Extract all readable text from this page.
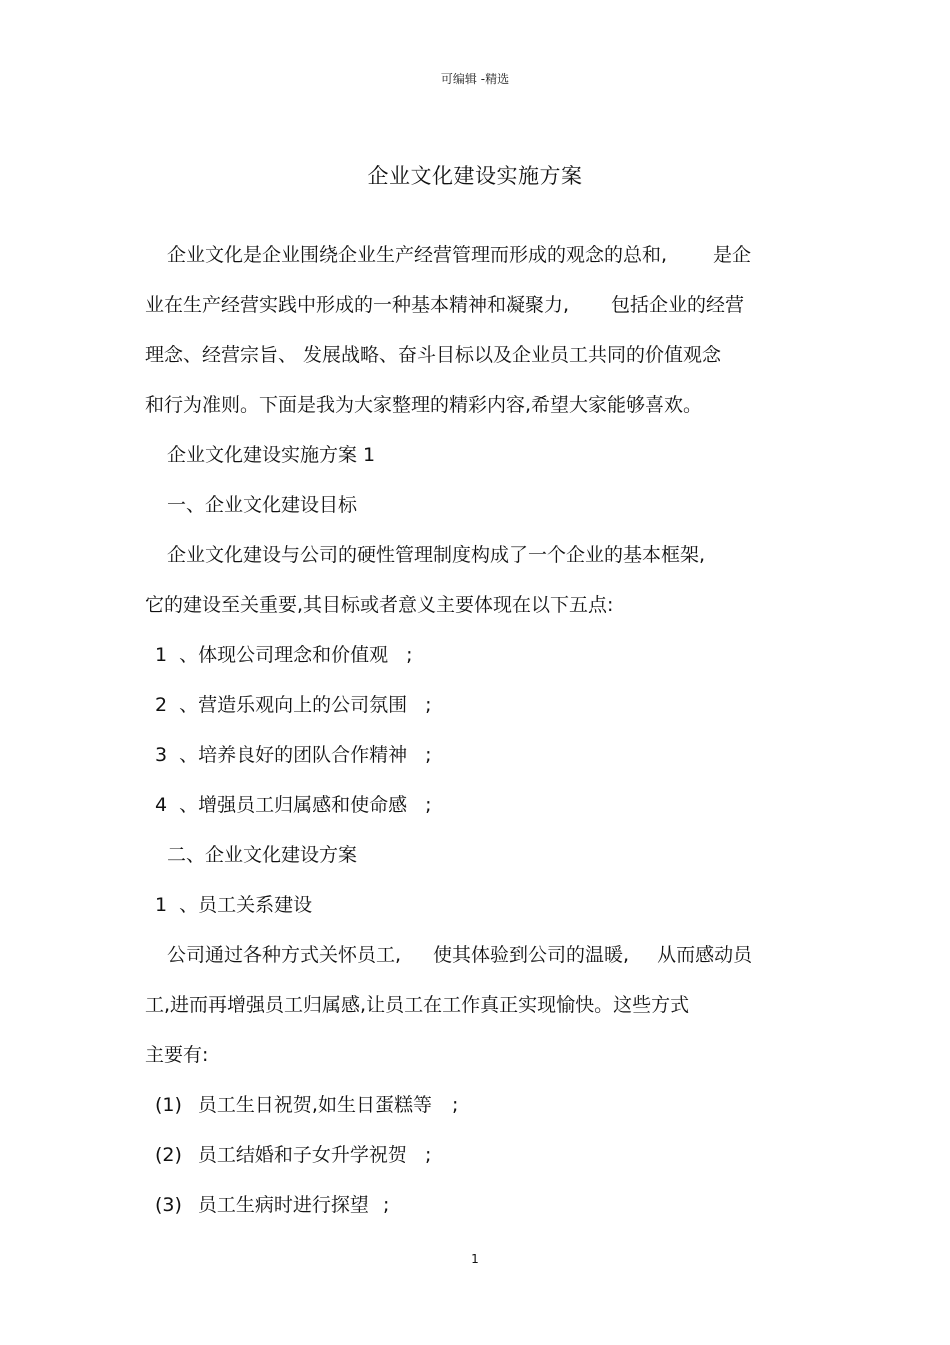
可编辑 -精选
企业文化建设实施方案
企业文化是企业围绕企业生产经营管理而形成的观念的总和, 是企
业在生产经营实践中形成的一种基本精神和凝聚力, 包括企业的经营
理念、经营宗旨、 发展战略、奋斗目标以及企业员工共同的价值观念
和行为准则。下面是我为大家整理的精彩内容,希望大家能够喜欢。
企业文化建设实施方案 1
一、企业文化建设目标
企业文化建设与公司的硬性管理制度构成了一个企业的基本框架,
它的建设至关重要,其目标或者意义主要体现在以下五点:
1 、体现公司理念和价值观 ;
2 、营造乐观向上的公司氛围 ;
3 、培养良好的团队合作精神 ;
4 、增强员工归属感和使命感 ;
二、企业文化建设方案
1 、员工关系建设
公司通过各种方式关怀员工, 使其体验到公司的温暖, 从而感动员
工,进而再增强员工归属感,让员工在工作真正实现愉快。这些方式
主要有:
(1) 员工生日祝贺,如生日蛋糕等 ;
(2) 员工结婚和子女升学祝贺 ;
(3) 员工生病时进行探望 ;
1
